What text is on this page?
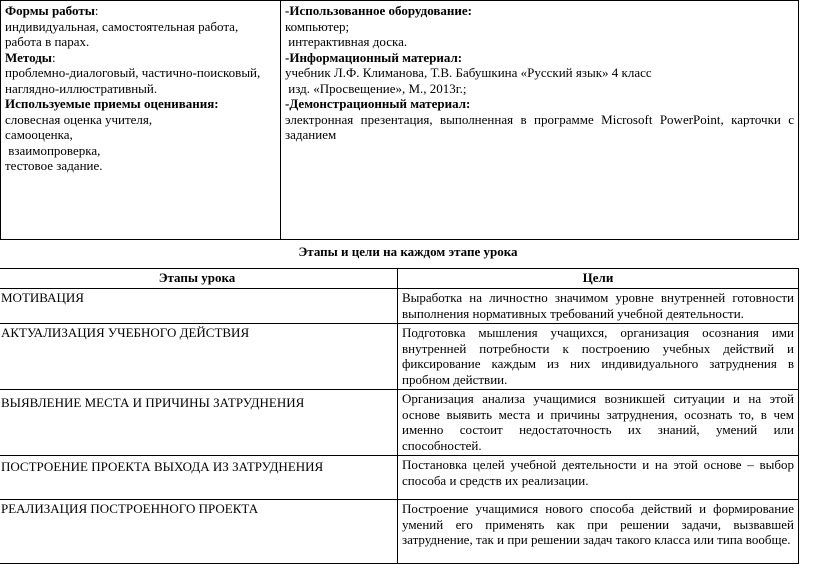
Формы работы:
индивидуальная, самостоятельная работа,
работа в парах.
Методы:
проблемно-диалоговый, частично-поисковый,
наглядно-иллюстративный.
Используемые приемы оценивания:
словесная оценка учителя,
самооценка,
взаимопроверка,
тестовое задание.

-Использованное оборудование:
компьютер;
интерактивная доска.
-Информационный материал:
учебник Л.Ф. Климанова, Т.В. Бабушкина «Русский язык» 4 класс
изд. «Просвещение», М., 2013г.;
-Демонстрационный материал:
электронная презентация, выполненная в программе Microsoft PowerPoint, карточки с заданием
Этапы и цели на каждом этапе урока
Этапы урока	Цели
МОТИВАЦИЯ	Выработка на личностно значимом уровне внутренней готовности выполнения нормативных требований учебной деятельности.
АКТУАЛИЗАЦИЯ УЧЕБНОГО ДЕЙСТВИЯ	Подготовка мышления учащихся, организация осознания ими внутренней потребности к построению учебных действий и фиксирование каждым из них индивидуального затруднения в пробном действии.
ВЫЯВЛЕНИЕ МЕСТА И ПРИЧИНЫ ЗАТРУДНЕНИЯ	Организация анализа учащимися возникшей ситуации и на этой основе выявить места и причины затруднения, осознать то, в чем именно состоит недостаточность их знаний, умений или способностей.
ПОСТРОЕНИЕ ПРОЕКТА ВЫХОДА ИЗ ЗАТРУДНЕНИЯ	Постановка целей учебной деятельности и на этой основе – выбор способа и средств их реализации.
РЕАЛИЗАЦИЯ ПОСТРОЕННОГО ПРОЕКТА	Построение учащимися нового способа действий и формирование умений его применять как при решении задачи, вызвавшей затруднение, так и при решении задач такого класса или типа вообще.
